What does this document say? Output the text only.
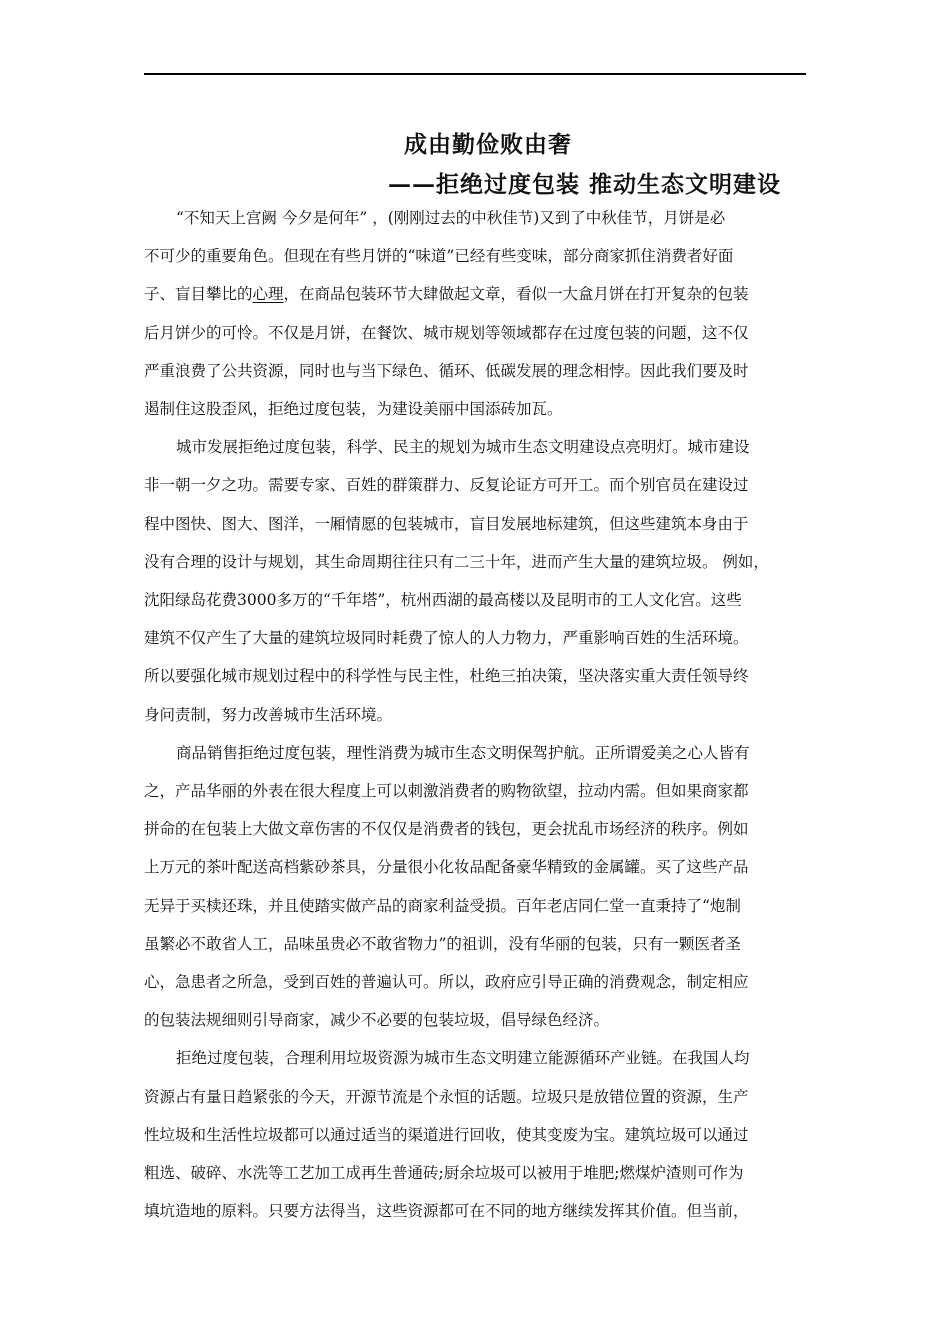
成由勤俭败由奢
——拒绝过度包装 推动生态文明建设
“不知天上宫阙 今夕是何年” ，(刚刚过去的中秋佳节)又到了中秋佳节，月饼是必
不可少的重要角色。但现在有些月饼的“味道”已经有些变味，部分商家抓住消费者好面
子、盲目攀比的心理，在商品包装环节大肆做起文章，看似一大盒月饼在打开复杂的包装
后月饼少的可怜。不仅是月饼，在餐饮、城市规划等领域都存在过度包装的问题，这不仅
严重浪费了公共资源，同时也与当下绿色、循环、低碳发展的理念相悖。因此我们要及时
遏制住这股歪风，拒绝过度包装，为建设美丽中国添砖加瓦。
城市发展拒绝过度包装，科学、民主的规划为城市生态文明建设点亮明灯。城市建设
非一朝一夕之功。需要专家、百姓的群策群力、反复论证方可开工。而个别官员在建设过
程中图快、图大、图洋，一厢情愿的包装城市，盲目发展地标建筑，但这些建筑本身由于
没有合理的设计与规划，其生命周期往往只有二三十年，进而产生大量的建筑垃圾。 例如，
沈阳绿岛花费3000多万的“千年塔”，杭州西湖的最高楼以及昆明市的工人文化宫。这些
建筑不仅产生了大量的建筑垃圾同时耗费了惊人的人力物力，严重影响百姓的生活环境。
所以要强化城市规划过程中的科学性与民主性，杜绝三拍决策，坚决落实重大责任领导终
身问责制，努力改善城市生活环境。
商品销售拒绝过度包装，理性消费为城市生态文明保驾护航。正所谓爱美之心人皆有
之，产品华丽的外表在很大程度上可以刺激消费者的购物欲望，拉动内需。但如果商家都
拼命的在包装上大做文章伤害的不仅仅是消费者的钱包，更会扰乱市场经济的秩序。例如
上万元的茶叶配送高档紫砂茶具，分量很小化妆品配备豪华精致的金属罐。买了这些产品
无异于买椟还珠，并且使踏实做产品的商家利益受损。百年老店同仁堂一直秉持了“炮制
虽繁必不敢省人工，品味虽贵必不敢省物力”的祖训，没有华丽的包装，只有一颗医者圣
心，急患者之所急，受到百姓的普遍认可。所以，政府应引导正确的消费观念，制定相应
的包装法规细则引导商家，减少不必要的包装垃圾，倡导绿色经济。
拒绝过度包装，合理利用垃圾资源为城市生态文明建立能源循环产业链。在我国人均
资源占有量日趋紧张的今天，开源节流是个永恒的话题。垃圾只是放错位置的资源，生产
性垃圾和生活性垃圾都可以通过适当的渠道进行回收，使其变废为宝。建筑垃圾可以通过
粗选、破碎、水洗等工艺加工成再生普通砖;厨余垃圾可以被用于堆肥;燃煤炉渣则可作为
填坑造地的原料。只要方法得当，这些资源都可在不同的地方继续发挥其价值。但当前，
